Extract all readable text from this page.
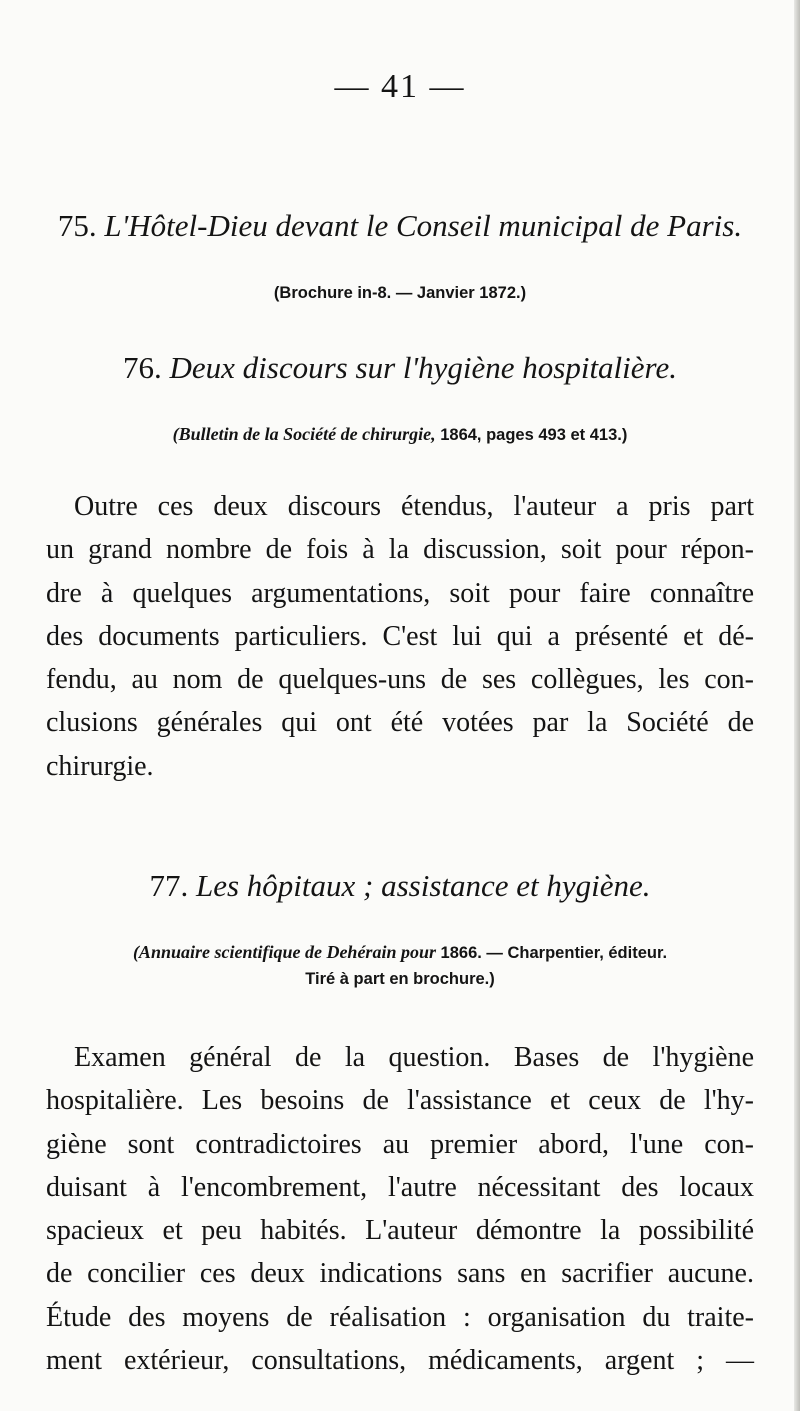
— 41 —
75. L'Hôtel-Dieu devant le Conseil municipal de Paris.
(Brochure in-8. — Janvier 1872.)
76. Deux discours sur l'hygiène hospitalière.
(Bulletin de la Société de chirurgie, 1864, pages 493 et 413.)
Outre ces deux discours étendus, l'auteur a pris part
un grand nombre de fois à la discussion, soit pour répon-
dre à quelques argumentations, soit pour faire connaître
des documents particuliers. C'est lui qui a présenté et dé-
fendu, au nom de quelques-uns de ses collègues, les con-
clusions générales qui ont été votées par la Société de
chirurgie.
77. Les hôpitaux ; assistance et hygiène.
(Annuaire scientifique de Dehérain pour 1866. — Charpentier, éditeur.
Tiré à part en brochure.)
Examen général de la question. Bases de l'hygiène
hospitalière. Les besoins de l'assistance et ceux de l'hy-
giène sont contradictoires au premier abord, l'une con-
duisant à l'encombrement, l'autre nécessitant des locaux
spacieux et peu habités. L'auteur démontre la possibilité
de concilier ces deux indications sans en sacrifier aucune.
Étude des moyens de réalisation : organisation du traite-
ment extérieur, consultations, médicaments, argent ; —
